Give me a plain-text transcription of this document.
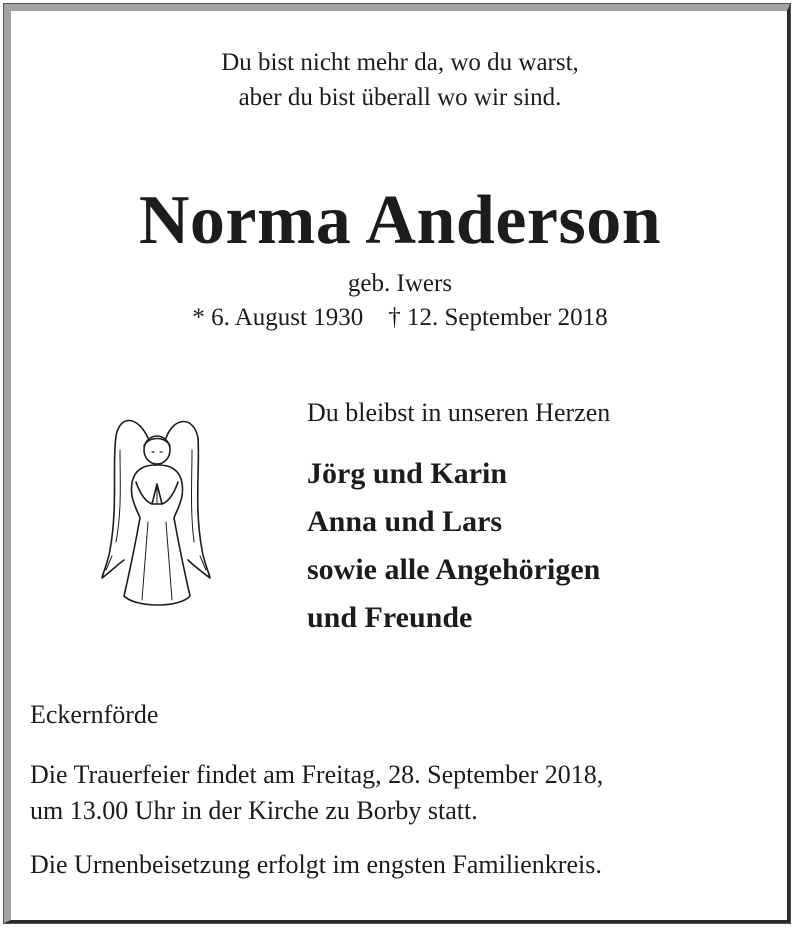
Du bist nicht mehr da, wo du warst,
aber du bist überall wo wir sind.
Norma Anderson
geb. Iwers
* 6. August 1930    † 12. September 2018
Du bleibst in unseren Herzen
Jörg und Karin
Anna und Lars
sowie alle Angehörigen
und Freunde
Eckernförde
Die Trauerfeier findet am Freitag, 28. September 2018,
um 13.00 Uhr in der Kirche zu Borby statt.
Die Urnenbeisetzung erfolgt im engsten Familienkreis.
